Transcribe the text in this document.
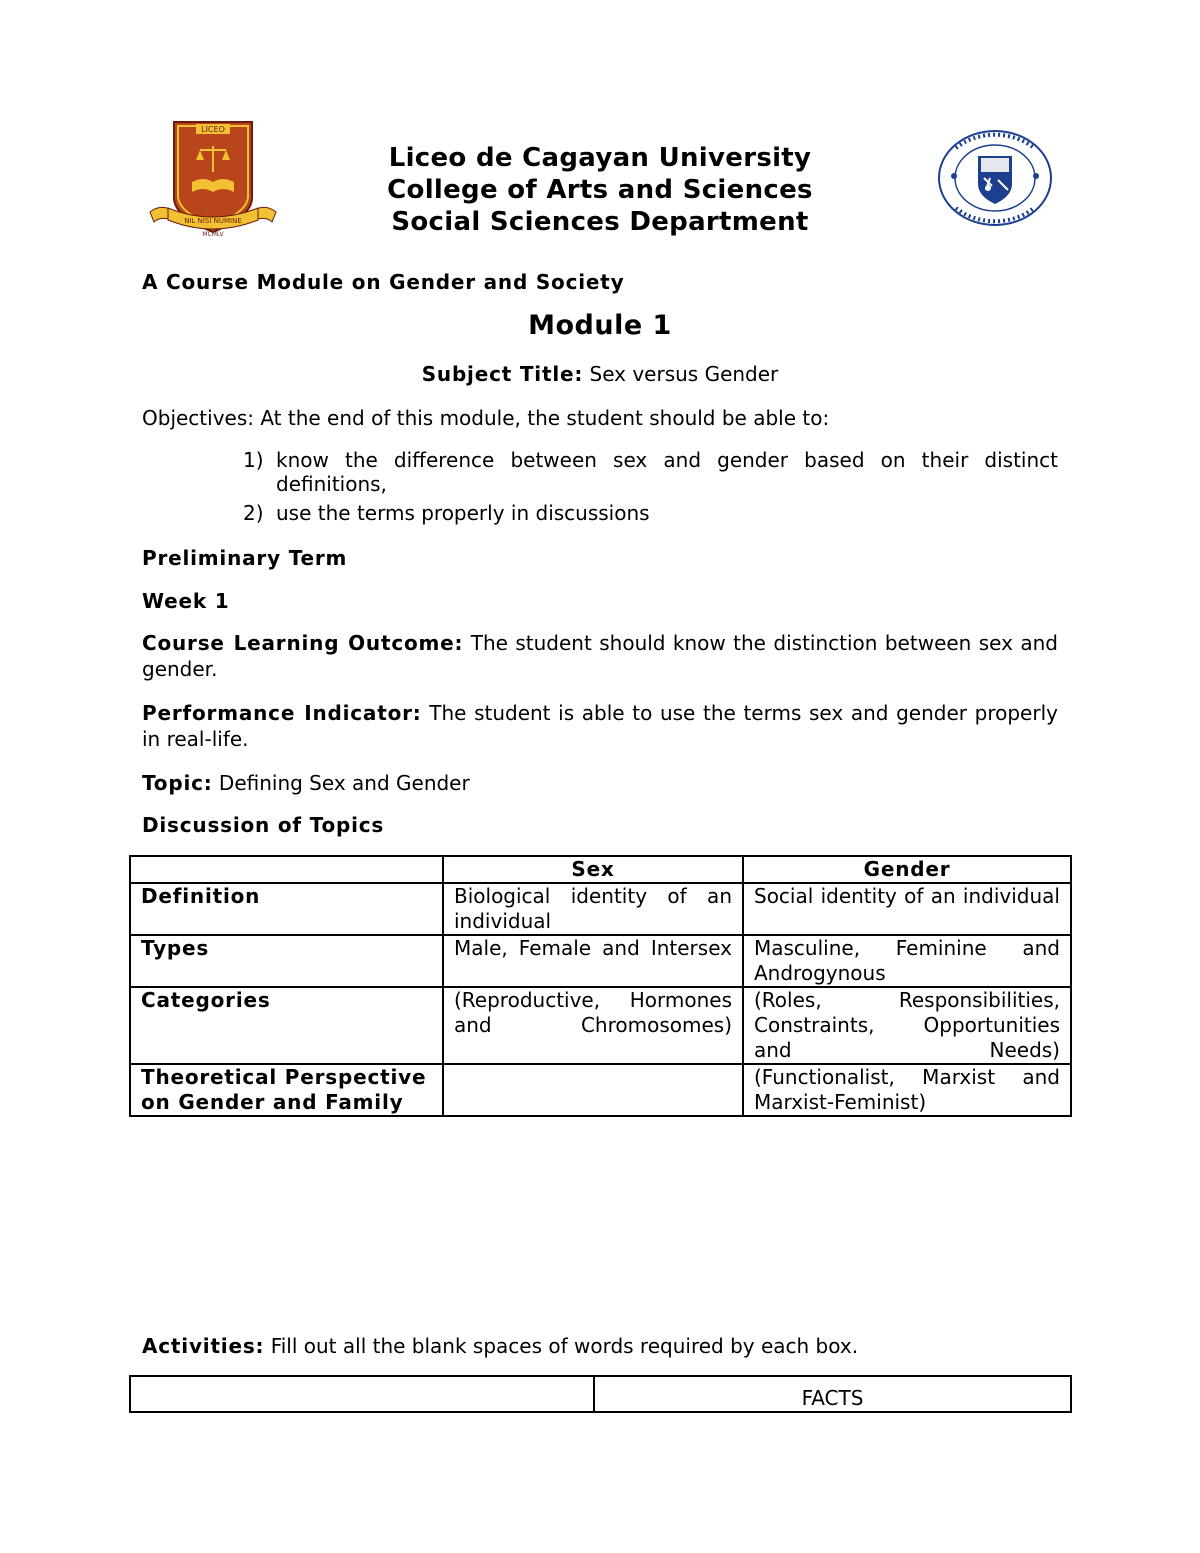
LICEO
NIL NISI NUMINE
MCMLV
Liceo de Cagayan University
College of Arts and Sciences
Social Sciences Department
A Course Module on Gender and Society
Module 1
Subject Title: Sex versus Gender
Objectives: At the end of this module, the student should be able to:
1) know the difference between sex and gender based on their distinct definitions,
2) use the terms properly in discussions
Preliminary Term
Week 1
Course Learning Outcome: The student should know the distinction between sex and gender.
Performance Indicator: The student is able to use the terms sex and gender properly in real-life.
Topic: Defining Sex and Gender
Discussion of Topics
	Sex	Gender
Definition	Biological identity of an individual	Social identity of an individual
Types	Male, Female and Intersex	Masculine, Feminine and Androgynous
Categories	(Reproductive, Hormones and Chromosomes)	(Roles, Responsibilities, Constraints, Opportunities and Needs)
Theoretical Perspective on Gender and Family		(Functionalist, Marxist and Marxist-Feminist)
Activities: Fill out all the blank spaces of words required by each box.
	FACTS
